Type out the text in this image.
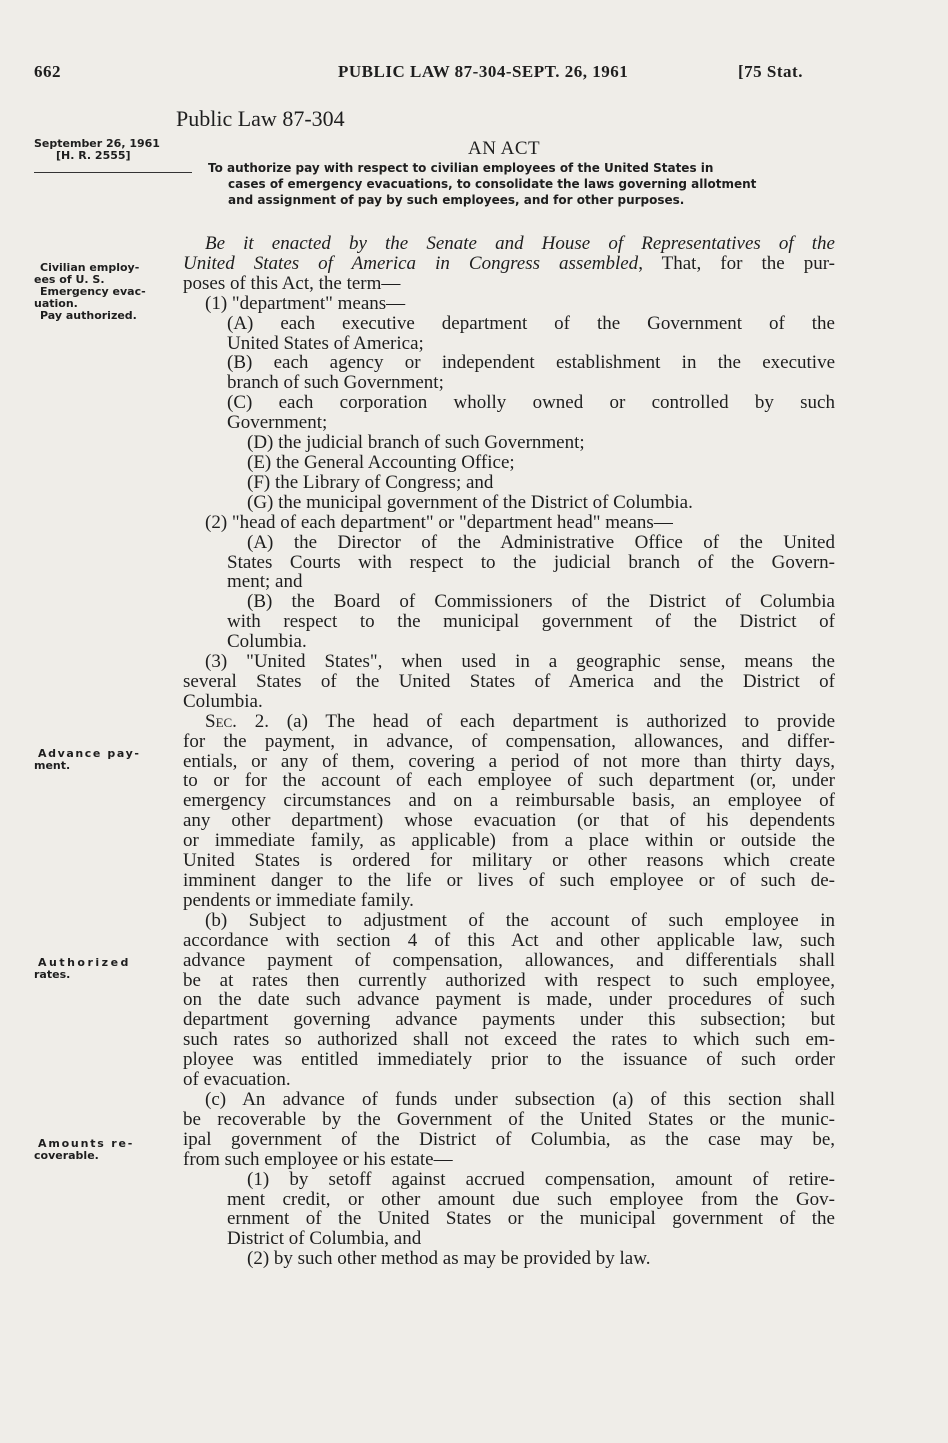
662	PUBLIC LAW 87-304-SEPT. 26, 1961	[75 Stat.
Public Law 87-304
September 26, 1961
[H. R. 2555]	AN ACT
To authorize pay with respect to civilian employees of the United States in
cases of emergency evacuations, to consolidate the laws governing allotment
and assignment of pay by such employees, and for other purposes.
Civilian employ-
ees of U. S.
Emergency evac-
uation.
Pay authorized.
Advance pay-
ment.
Authorized
rates.
Amounts re-
coverable.
Be it enacted by the Senate and House of Representatives of the
United States of America in Congress assembled, That, for the pur-
poses of this Act, the term—
(1) "department" means—
(A) each executive department of the Government of the
United States of America;
(B) each agency or independent establishment in the executive
branch of such Government;
(C) each corporation wholly owned or controlled by such
Government;
(D) the judicial branch of such Government;
(E) the General Accounting Office;
(F) the Library of Congress; and
(G) the municipal government of the District of Columbia.
(2) "head of each department" or "department head" means—
(A) the Director of the Administrative Office of the United
States Courts with respect to the judicial branch of the Govern-
ment; and
(B) the Board of Commissioners of the District of Columbia
with respect to the municipal government of the District of
Columbia.
(3) "United States", when used in a geographic sense, means the
several States of the United States of America and the District of
Columbia.
Sec. 2. (a) The head of each department is authorized to provide
for the payment, in advance, of compensation, allowances, and differ-
entials, or any of them, covering a period of not more than thirty days,
to or for the account of each employee of such department (or, under
emergency circumstances and on a reimbursable basis, an employee of
any other department) whose evacuation (or that of his dependents
or immediate family, as applicable) from a place within or outside the
United States is ordered for military or other reasons which create
imminent danger to the life or lives of such employee or of such de-
pendents or immediate family.
(b) Subject to adjustment of the account of such employee in
accordance with section 4 of this Act and other applicable law, such
advance payment of compensation, allowances, and differentials shall
be at rates then currently authorized with respect to such employee,
on the date such advance payment is made, under procedures of such
department governing advance payments under this subsection; but
such rates so authorized shall not exceed the rates to which such em-
ployee was entitled immediately prior to the issuance of such order
of evacuation.
(c) An advance of funds under subsection (a) of this section shall
be recoverable by the Government of the United States or the munic-
ipal government of the District of Columbia, as the case may be,
from such employee or his estate—
(1) by setoff against accrued compensation, amount of retire-
ment credit, or other amount due such employee from the Gov-
ernment of the United States or the municipal government of the
District of Columbia, and
(2) by such other method as may be provided by law.
